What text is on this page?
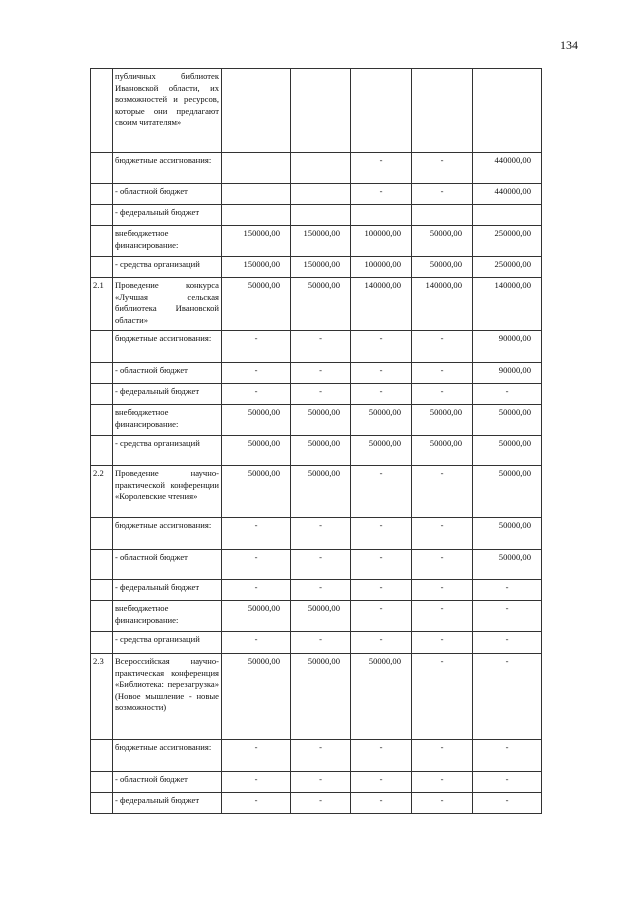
134
	публичных библиотек Ивановской области, их возможностей и ресурсов, которые они предлагают своим читателям»					
	бюджетные ассигнования:			-	-	440000,00
	- областной бюджет			-	-	440000,00
	- федеральный бюджет					
	внебюджетное финансирование:	150000,00	150000,00	100000,00	50000,00	250000,00
	- средства организаций	150000,00	150000,00	100000,00	50000,00	250000,00
2.1	Проведение конкурса «Лучшая сельская библиотека Ивановской области»	50000,00	50000,00	140000,00	140000,00	140000,00
	бюджетные ассигнования:	-	-	-	-	90000,00
	- областной бюджет	-	-	-	-	90000,00
	- федеральный бюджет	-	-	-	-	-
	внебюджетное финансирование:	50000,00	50000,00	50000,00	50000,00	50000,00
	- средства организаций	50000,00	50000,00	50000,00	50000,00	50000,00
2.2	Проведение научно-практической конференции «Королевские чтения»	50000,00	50000,00	-	-	50000,00
	бюджетные ассигнования:	-	-	-	-	50000,00
	- областной бюджет	-	-	-	-	50000,00
	- федеральный бюджет	-	-	-	-	-
	внебюджетное финансирование:	50000,00	50000,00	-	-	-
	- средства организаций	-	-	-	-	-
2.3	Всероссийская научно-практическая конференция «Библиотека: перезагрузка» (Новое мышление - новые возможности)	50000,00	50000,00	50000,00	-	-
	бюджетные ассигнования:	-	-	-	-	-
	- областной бюджет	-	-	-	-	-
	- федеральный бюджет	-	-	-	-	-
